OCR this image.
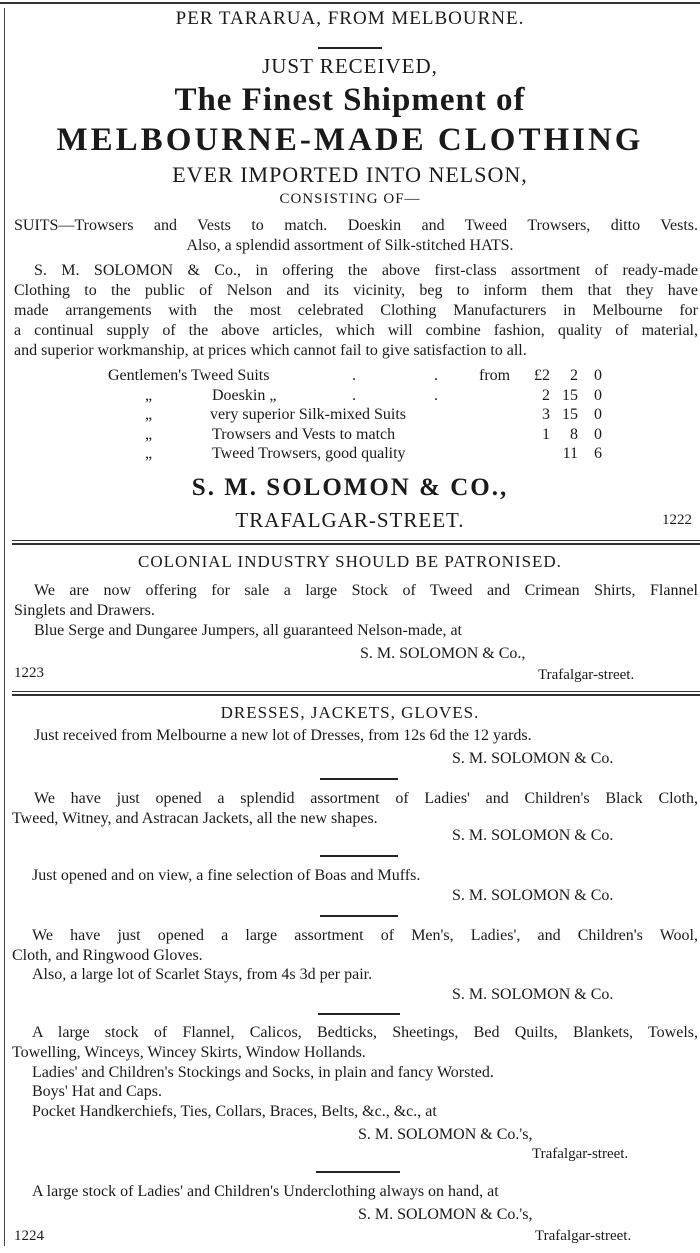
PER TARARUA, FROM MELBOURNE.
JUST RECEIVED,
The Finest Shipment of
MELBOURNE-MADE CLOTHING
EVER IMPORTED INTO NELSON,
CONSISTING OF—
SUITS—Trowsers and Vests to match. Doeskin and Tweed Trowsers, ditto Vests.
Also, a splendid assortment of Silk-stitched HATS.
S. M. SOLOMON & Co., in offering the above first-class assortment of ready-made
Clothing to the public of Nelson and its vicinity, beg to inform them that they have
made arrangements with the most celebrated Clothing Manufacturers in Melbourne for
a continual supply of the above articles, which will combine fashion, quality of material,
and superior workmanship, at prices which cannot fail to give satisfaction to all.
Gentlemen's Tweed Suits	.	.	from	£2	2 0
„	Doeskin „	.	.	2 15 0
„	very superior Silk-mixed Suits	3 15 0
„	Trowsers and Vests to match	1	8 0
„	Tweed Trowsers, good quality	11 6
S. M. SOLOMON & CO.,
TRAFALGAR-STREET.	1222
COLONIAL INDUSTRY SHOULD BE PATRONISED.
We are now offering for sale a large Stock of Tweed and Crimean Shirts, Flannel
Singlets and Drawers.
Blue Serge and Dungaree Jumpers, all guaranteed Nelson-made, at
S. M. SOLOMON & Co.,
1223	Trafalgar-street.
DRESSES, JACKETS, GLOVES.
Just received from Melbourne a new lot of Dresses, from 12s 6d the 12 yards.
S. M. SOLOMON & Co.
We have just opened a splendid assortment of Ladies' and Children's Black Cloth,
Tweed, Witney, and Astracan Jackets, all the new shapes.
S. M. SOLOMON & Co.
Just opened and on view, a fine selection of Boas and Muffs.
S. M. SOLOMON & Co.
We have just opened a large assortment of Men's, Ladies', and Children's Wool,
Cloth, and Ringwood Gloves.
Also, a large lot of Scarlet Stays, from 4s 3d per pair.
S. M. SOLOMON & Co.
A large stock of Flannel, Calicos, Bedticks, Sheetings, Bed Quilts, Blankets, Towels,
Towelling, Winceys, Wincey Skirts, Window Hollands.
Ladies' and Children's Stockings and Socks, in plain and fancy Worsted.
Boys' Hat and Caps.
Pocket Handkerchiefs, Ties, Collars, Braces, Belts, &c., &c., at
S. M. SOLOMON & Co.'s,
Trafalgar-street.
A large stock of Ladies' and Children's Underclothing always on hand, at
S. M. SOLOMON & Co.'s,
1224	Trafalgar-street.
